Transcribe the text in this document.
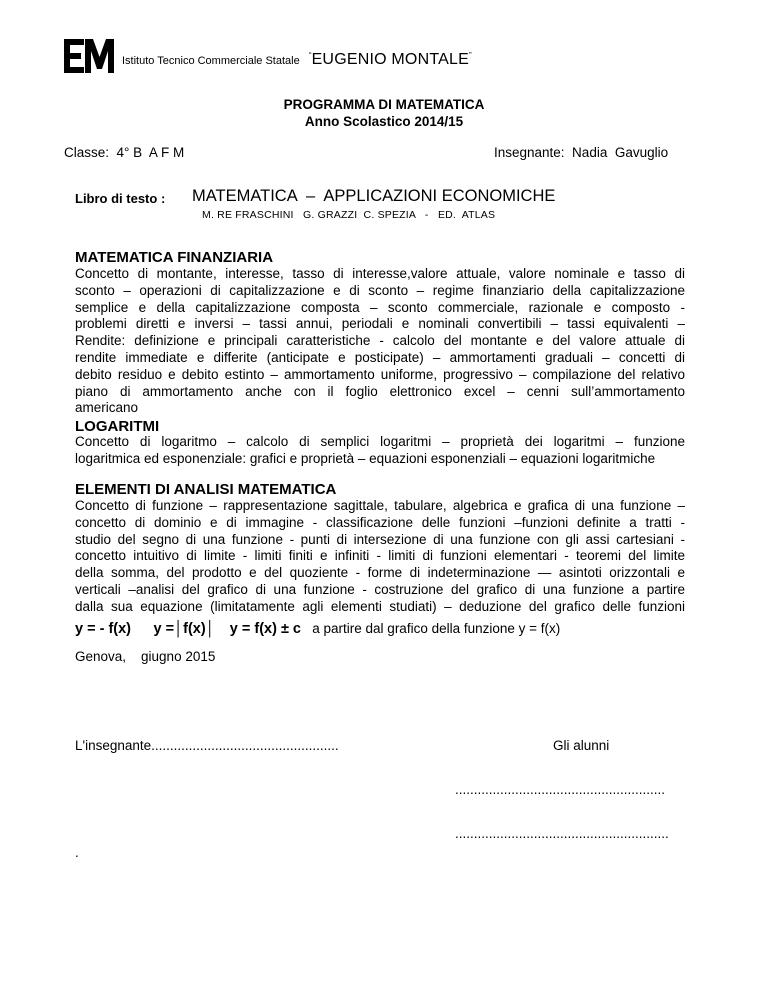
Istituto Tecnico Commerciale Statale “EUGENIO MONTALE”
PROGRAMMA DI MATEMATICA
Anno Scolastico 2014/15
Classe:  4° B  A F M	Insegnante:  Nadia  Gavuglio
Libro di testo : MATEMATICA  –  APPLICAZIONI ECONOMICHE
M. RE FRASCHINI   G. GRAZZI  C. SPEZIA   -   ED.  ATLAS
MATEMATICA FINANZIARIA
Concetto di montante, interesse, tasso di interesse,valore attuale, valore nominale e tasso di
sconto – operazioni di capitalizzazione e di sconto – regime finanziario della capitalizzazione
semplice e della capitalizzazione composta – sconto commerciale, razionale e composto -
problemi diretti e inversi – tassi annui, periodali e nominali convertibili – tassi equivalenti –
Rendite: definizione e principali caratteristiche - calcolo del montante e del valore attuale di
rendite immediate e differite (anticipate e posticipate) – ammortamenti graduali – concetti di
debito residuo e debito estinto – ammortamento uniforme, progressivo – compilazione del relativo
piano di ammortamento anche con il foglio elettronico excel – cenni sull’ammortamento
americano
LOGARITMI
Concetto di logaritmo – calcolo di semplici logaritmi – proprietà dei logaritmi – funzione
logaritmica ed esponenziale: grafici e proprietà – equazioni esponenziali – equazioni logaritmiche
ELEMENTI DI ANALISI MATEMATICA
Concetto di funzione – rappresentazione sagittale, tabulare, algebrica e grafica di una funzione –
concetto di dominio e di immagine - classificazione delle funzioni –funzioni definite a tratti -
studio del segno di una funzione - punti di intersezione di una funzione con gli assi cartesiani -
concetto intuitivo di limite - limiti finiti e infiniti - limiti di funzioni elementari - teoremi del limite
della somma, del prodotto e del quoziente - forme di indeterminazione — asintoti orizzontali e
verticali –analisi del grafico di una funzione - costruzione del grafico di una funzione a partire
dalla sua equazione (limitatamente agli elementi studiati) – deduzione del grafico delle funzioni
y = - f(x) y =│f(x)│ y = f(x) ± c a partire dal grafico della funzione y = f(x)
Genova,    giugno 2015
L'insegnante..................................................	Gli alunni
........................................................
.........................................................
.
